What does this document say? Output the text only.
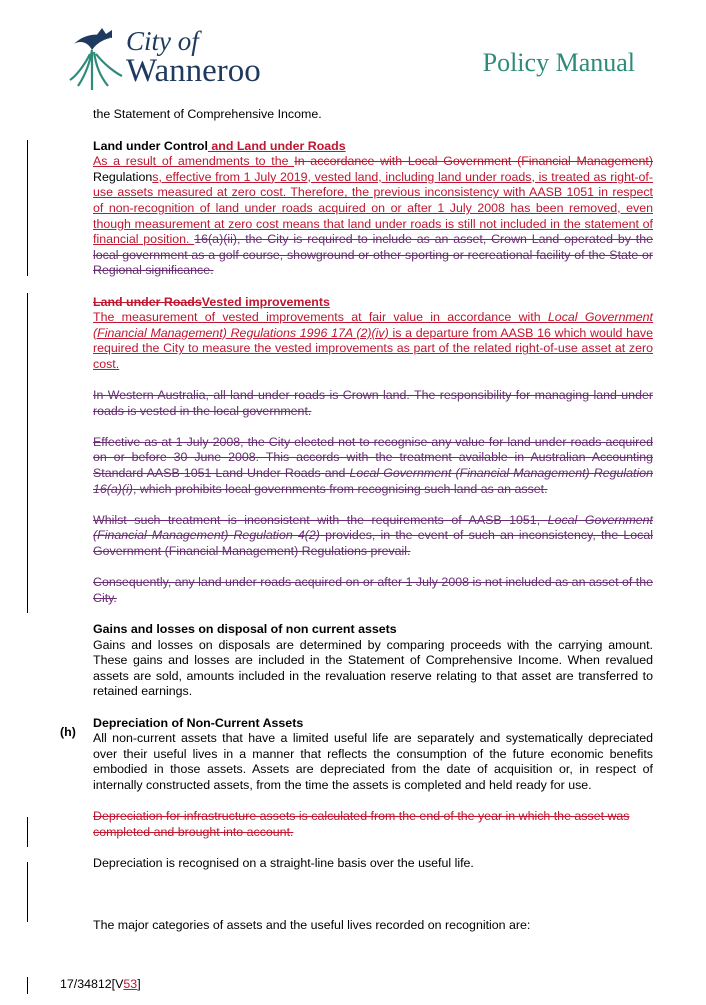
City of
Wanneroo	Policy Manual

the Statement of Comprehensive Income.

Land under Control and Land under Roads

As a result of amendments to the In accordance with Local Government (Financial Management) Regulations, effective from 1 July 2019, vested land, including land under roads, is treated as right-of-use assets measured at zero cost. Therefore, the previous inconsistency with AASB 1051 in respect of non-recognition of land under roads acquired on or after 1 July 2008 has been removed, even though measurement at zero cost means that land under roads is still not included in the statement of financial position. 16(a)(ii), the City is required to include as an asset, Crown Land operated by the local government as a golf course, showground or other sporting or recreational facility of the State or Regional significance.

Land under RoadsVested improvements

The measurement of vested improvements at fair value in accordance with Local Government (Financial Management) Regulations 1996 17A (2)(iv) is a departure from AASB 16 which would have required the City to measure the vested improvements as part of the related right-of-use asset at zero cost.

In Western Australia, all land under roads is Crown land. The responsibility for managing land under roads is vested in the local government.

Effective as at 1 July 2008, the City elected not to recognise any value for land under roads acquired on or before 30 June 2008. This accords with the treatment available in Australian Accounting Standard AASB 1051 Land Under Roads and Local Government (Financial Management) Regulation 16(a)(i), which prohibits local governments from recognising such land as an asset.

Whilst such treatment is inconsistent with the requirements of AASB 1051, Local Government (Financial Management) Regulation 4(2) provides, in the event of such an inconsistency, the Local Government (Financial Management) Regulations prevail.

Consequently, any land under roads acquired on or after 1 July 2008 is not included as an asset of the City.

Gains and losses on disposal of non current assets

Gains and losses on disposals are determined by comparing proceeds with the carrying amount. These gains and losses are included in the Statement of Comprehensive Income. When revalued assets are sold, amounts included in the revaluation reserve relating to that asset are transferred to retained earnings.

Depreciation of Non-Current Assets

All non-current assets that have a limited useful life are separately and systematically depreciated over their useful lives in a manner that reflects the consumption of the future economic benefits embodied in those assets. Assets are depreciated from the date of acquisition or, in respect of internally constructed assets, from the time the assets is completed and held ready for use.

Depreciation for infrastructure assets is calculated from the end of the year in which the asset was completed and brought into account.

Depreciation is recognised on a straight-line basis over the useful life.

The major categories of assets and the useful lives recorded on recognition are:

(h)
17/34812[V53]
